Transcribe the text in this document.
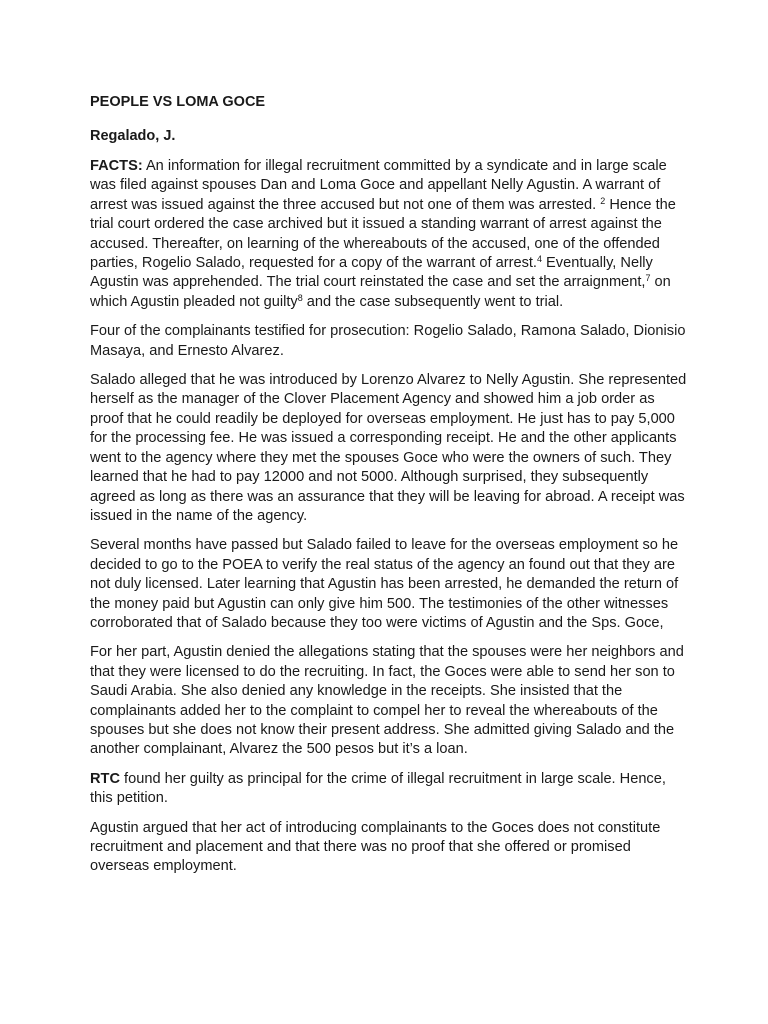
PEOPLE VS LOMA GOCE
Regalado, J.

FACTS: An information for illegal recruitment committed by a syndicate and in large scale was filed against spouses Dan and Loma Goce and appellant Nelly Agustin. A warrant of arrest was issued against the three accused but not one of them was arrested. $^2$ Hence the trial court ordered the case archived but it issued a standing warrant of arrest against the accused. Thereafter, on learning of the whereabouts of the accused, one of the offended parties, Rogelio Salado, requested for a copy of the warrant of arrest.$^4$ Eventually, Nelly Agustin was apprehended. The trial court reinstated the case and set the arraignment,$^7$ on which Agustin pleaded not guilty$^8$ and the case subsequently went to trial.

Four of the complainants testified for prosecution: Rogelio Salado, Ramona Salado, Dionisio Masaya, and Ernesto Alvarez.

Salado alleged that he was introduced by Lorenzo Alvarez to Nelly Agustin. She represented herself as the manager of the Clover Placement Agency and showed him a job order as proof that he could readily be deployed for overseas employment. He just has to pay 5,000 for the processing fee. He was issued a corresponding receipt. He and the other applicants went to the agency where they met the spouses Goce who were the owners of such. They learned that he had to pay 12000 and not 5000. Although surprised, they subsequently agreed as long as there was an assurance that they will be leaving for abroad. A receipt was issued in the name of the agency.

Several months have passed but Salado failed to leave for the overseas employment so he decided to go to the POEA to verify the real status of the agency an found out that they are not duly licensed. Later learning that Agustin has been arrested, he demanded the return of the money paid but Agustin can only give him 500. The testimonies of the other witnesses corroborated that of Salado because they too were victims of Agustin and the Sps. Goce,

For her part, Agustin denied the allegations stating that the spouses were her neighbors and that they were licensed to do the recruiting. In fact, the Goces were able to send her son to Saudi Arabia. She also denied any knowledge in the receipts. She insisted that the complainants added her to the complaint to compel her to reveal the whereabouts of the spouses but she does not know their present address. She admitted giving Salado and the another complainant, Alvarez the 500 pesos but it’s a loan.

RTC found her guilty as principal for the crime of illegal recruitment in large scale. Hence, this petition.

Agustin argued that her act of introducing complainants to the Goces does not constitute recruitment and placement and that there was no proof that she offered or promised overseas employment.
